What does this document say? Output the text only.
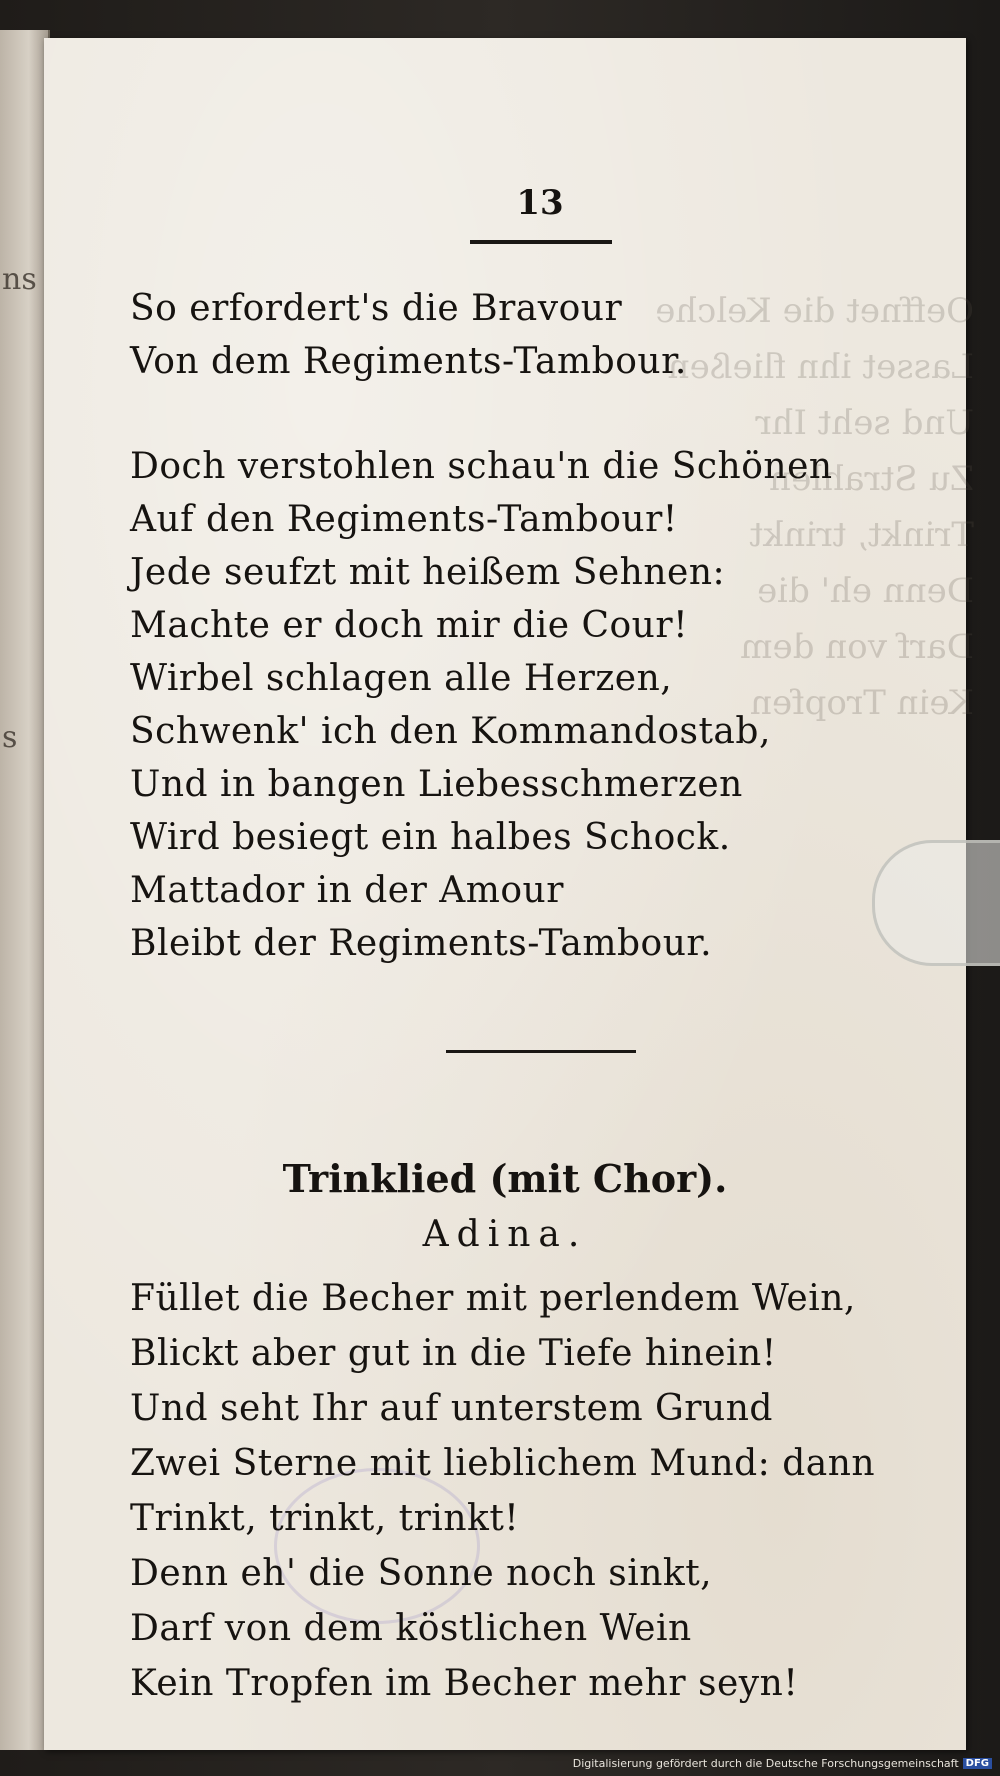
ns
s
Oeffnet die Kelche
Lasset ihn fließen
Und seht Ihr
Zu Strahlen
Trinkt, trinkt
Denn eh' die
Darf von dem
Kein Tropfen
13
So erfordert's die Bravour
Von dem Regiments-Tambour.
Doch verstohlen schau'n die Schönen
Auf den Regiments-Tambour!
Jede seufzt mit heißem Sehnen:
Machte er doch mir die Cour!
Wirbel schlagen alle Herzen,
Schwenk' ich den Kommandostab,
Und in bangen Liebesschmerzen
Wird besiegt ein halbes Schock.
Mattador in der Amour
Bleibt der Regiments-Tambour.
Trinklied (mit Chor).
Adina.
Füllet die Becher mit perlendem Wein,
Blickt aber gut in die Tiefe hinein!
Und seht Ihr auf unterstem Grund
Zwei Sterne mit lieblichem Mund: dann
Trinkt, trinkt, trinkt!
Denn eh' die Sonne noch sinkt,
Darf von dem köstlichen Wein
Kein Tropfen im Becher mehr seyn!
Digitalisierung gefördert durch die Deutsche Forschungsgemeinschaft DFG
